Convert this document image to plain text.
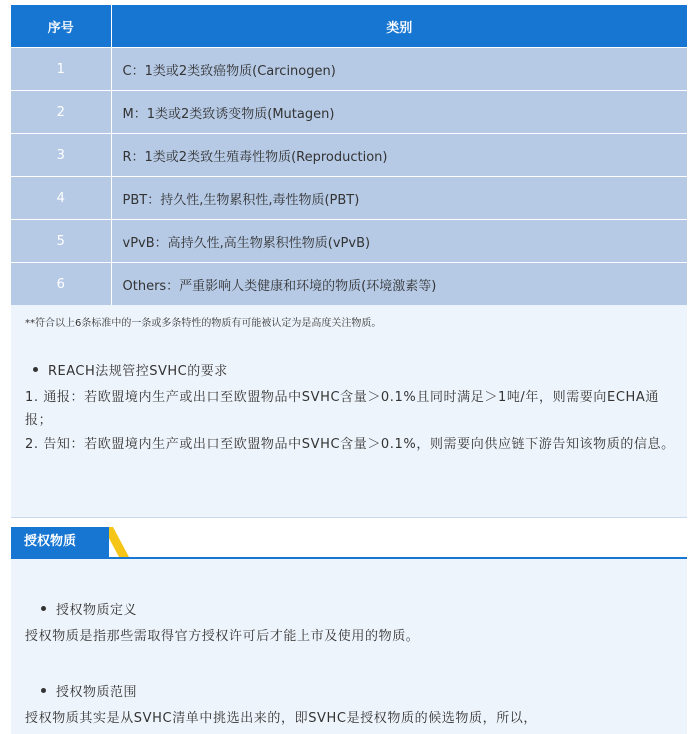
序号	类别
1	C：1类或2类致癌物质(Carcinogen)
2	M：1类或2类致诱变物质(Mutagen)
3	R：1类或2类致生殖毒性物质(Reproduction)
4	PBT：持久性,生物累积性,毒性物质(PBT)
5	vPvB：高持久性,高生物累积性物质(vPvB)
6	Others：严重影响人类健康和环境的物质(环境激素等)
**符合以上6条标准中的一条或多条特性的物质有可能被认定为是高度关注物质。
REACH法规管控SVHC的要求
1. 通报：若欧盟境内生产或出口至欧盟物品中SVHC含量＞0.1%且同时满足＞1吨/年，则需要向ECHA通报；
2. 告知：若欧盟境内生产或出口至欧盟物品中SVHC含量＞0.1%，则需要向供应链下游告知该物质的信息。
授权物质
授权物质定义
授权物质是指那些需取得官方授权许可后才能上市及使用的物质。
授权物质范围
授权物质其实是从SVHC清单中挑选出来的，即SVHC是授权物质的候选物质，所以，
